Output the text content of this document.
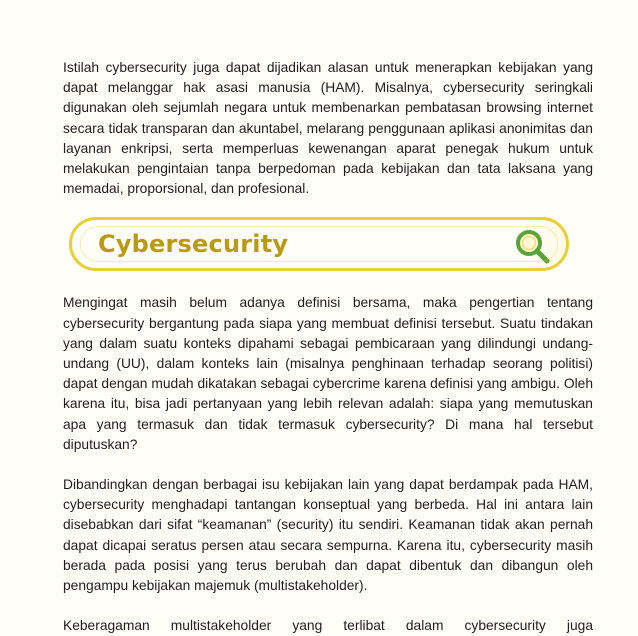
Istilah cybersecurity juga dapat dijadikan alasan untuk menerapkan kebijakan yang dapat melanggar hak asasi manusia (HAM). Misalnya, cybersecurity seringkali digunakan oleh sejumlah negara untuk membenarkan pembatasan browsing internet secara tidak transparan dan akuntabel, melarang penggunaan aplikasi anonimitas dan layanan enkripsi, serta memperluas kewenangan aparat penegak hukum untuk melakukan pengintaian tanpa berpedoman pada kebijakan dan tata laksana yang memadai, proporsional, dan profesional.

Cybersecurity

Mengingat masih belum adanya definisi bersama, maka pengertian tentang cybersecurity bergantung pada siapa yang membuat definisi tersebut. Suatu tindakan yang dalam suatu konteks dipahami sebagai pembicaraan yang dilindungi undang-undang (UU), dalam konteks lain (misalnya penghinaan terhadap seorang politisi) dapat dengan mudah dikatakan sebagai cybercrime karena definisi yang ambigu. Oleh karena itu, bisa jadi pertanyaan yang lebih relevan adalah: siapa yang memutuskan apa yang termasuk dan tidak termasuk cybersecurity? Di mana hal tersebut diputuskan?

Dibandingkan dengan berbagai isu kebijakan lain yang dapat berdampak pada HAM, cybersecurity menghadapi tantangan konseptual yang berbeda. Hal ini antara lain disebabkan dari sifat “keamanan” (security) itu sendiri. Keamanan tidak akan pernah dapat dicapai seratus persen atau secara sempurna. Karena itu, cybersecurity masih berada pada posisi yang terus berubah dan dapat dibentuk dan dibangun oleh pengampu kebijakan majemuk (multistakeholder).

Keberagaman multistakeholder yang terlibat dalam cybersecurity juga
